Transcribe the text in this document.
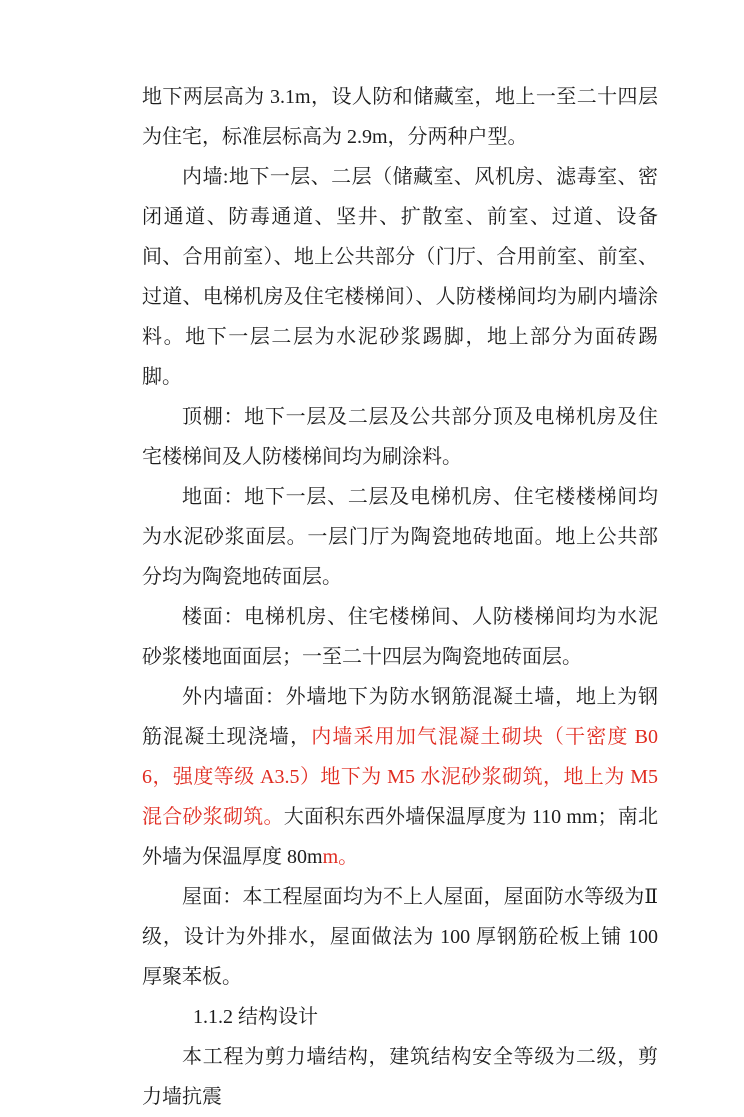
地下两层高为 3.1m，设人防和储藏室，地上一至二十四层为住宅，标准层标高为 2.9m，分两种户型。

内墙:地下一层、二层（储藏室、风机房、滤毒室、密闭通道、防毒通道、坚井、扩散室、前室、过道、设备间、合用前室）、地上公共部分（门厅、合用前室、前室、过道、电梯机房及住宅楼梯间）、人防楼梯间均为刷内墙涂料。地下一层二层为水泥砂浆踢脚，地上部分为面砖踢脚。

顶棚：地下一层及二层及公共部分顶及电梯机房及住宅楼梯间及人防楼梯间均为刷涂料。

地面：地下一层、二层及电梯机房、住宅楼楼梯间均为水泥砂浆面层。一层门厅为陶瓷地砖地面。地上公共部分均为陶瓷地砖面层。

楼面：电梯机房、住宅楼梯间、人防楼梯间均为水泥砂浆楼地面面层；一至二十四层为陶瓷地砖面层。

外内墙面：外墙地下为防水钢筋混凝土墙，地上为钢筋混凝土现浇墙，内墙采用加气混凝土砌块（干密度 B06，强度等级 A3.5）地下为 M5 水泥砂浆砌筑，地上为 M5 混合砂浆砌筑。大面积东西外墙保温厚度为 110 mm；南北外墙为保温厚度 80mm。

屋面：本工程屋面均为不上人屋面，屋面防水等级为Ⅱ级，设计为外排水，屋面做法为 100 厚钢筋砼板上铺 100 厚聚苯板。

1.1.2 结构设计

本工程为剪力墙结构，建筑结构安全等级为二级，剪力墙抗震
